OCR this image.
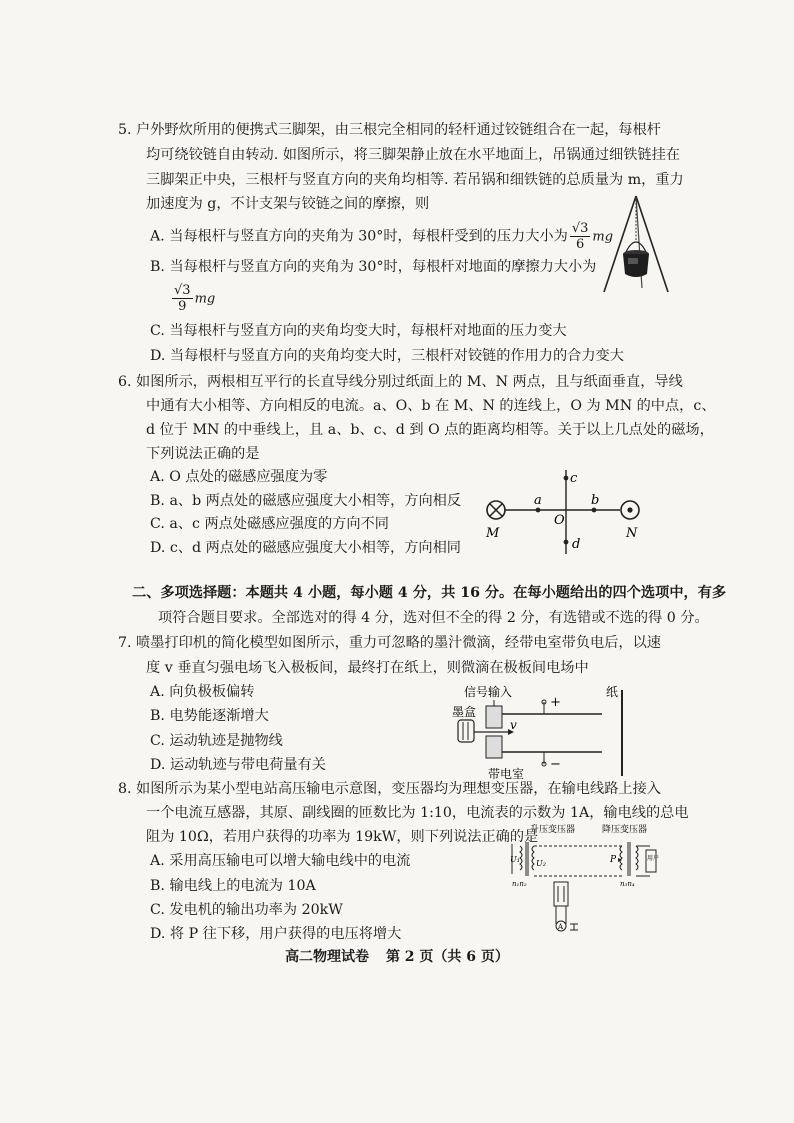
5. 户外野炊所用的便携式三脚架，由三根完全相同的轻杆通过铰链组合在一起，每根杆
均可绕铰链自由转动. 如图所示，将三脚架静止放在水平地面上，吊锅通过细铁链挂在
三脚架正中央，三根杆与竖直方向的夹角均相等. 若吊锅和细铁链的总质量为 m，重力
加速度为 g，不计支架与铰链之间的摩擦，则
A. 当每根杆与竖直方向的夹角为 30°时，每根杆受到的压力大小为 $\frac{√3}{6}$ mg
B. 当每根杆与竖直方向的夹角为 30°时，每根杆对地面的摩擦力大小为
$\frac{√3}{9}$ mg
C. 当每根杆与竖直方向的夹角均变大时，每根杆对地面的压力变大
D. 当每根杆与竖直方向的夹角均变大时，三根杆对铰链的作用力的合力变大
6. 如图所示，两根相互平行的长直导线分别过纸面上的 M、N 两点，且与纸面垂直，导线
中通有大小相等、方向相反的电流。a、O、b 在 M、N 的连线上，O 为 MN 的中点，c、
d 位于 MN 的中垂线上，且 a、b、c、d 到 O 点的距离均相等。关于以上几点处的磁场，
下列说法正确的是
A. O 点处的磁感应强度为零
B. a、b 两点处的磁感应强度大小相等，方向相反
C. a、c 两点处磁感应强度的方向不同
D. c、d 两点处的磁感应强度大小相等，方向相同
a	b
c
d
O
M	N
二、多项选择题：本题共 4 小题，每小题 4 分，共 16 分。在每小题给出的四个选项中，有多
项符合题目要求。全部选对的得 4 分，选对但不全的得 2 分，有选错或不选的得 0 分。
7. 喷墨打印机的简化模型如图所示，重力可忽略的墨汁微滴，经带电室带负电后，以速
度 v 垂直匀强电场飞入极板间，最终打在纸上，则微滴在极板间电场中
A. 向负极板偏转
B. 电势能逐渐增大
C. 运动轨迹是抛物线
D. 运动轨迹与带电荷量有关
信号输入
墨盒
带电室
纸
v
+
−
8. 如图所示为某小型电站高压输电示意图，变压器均为理想变压器，在输电线路上接入
一个电流互感器，其原、副线圈的匝数比为 1:10，电流表的示数为 1A，输电线的总电
阻为 10Ω，若用户获得的功率为 19kW，则下列说法正确的是
A. 采用高压输电可以增大输电线中的电流
B. 输电线上的电流为 10A
C. 发电机的输出功率为 20kW
D. 将 P 往下移，用户获得的电压将增大
升压变压器	降压变压器
U₁ U₂
n₁n₂
P	用户
n₃n₄
A
高二物理试卷 第 2 页（共 6 页）
